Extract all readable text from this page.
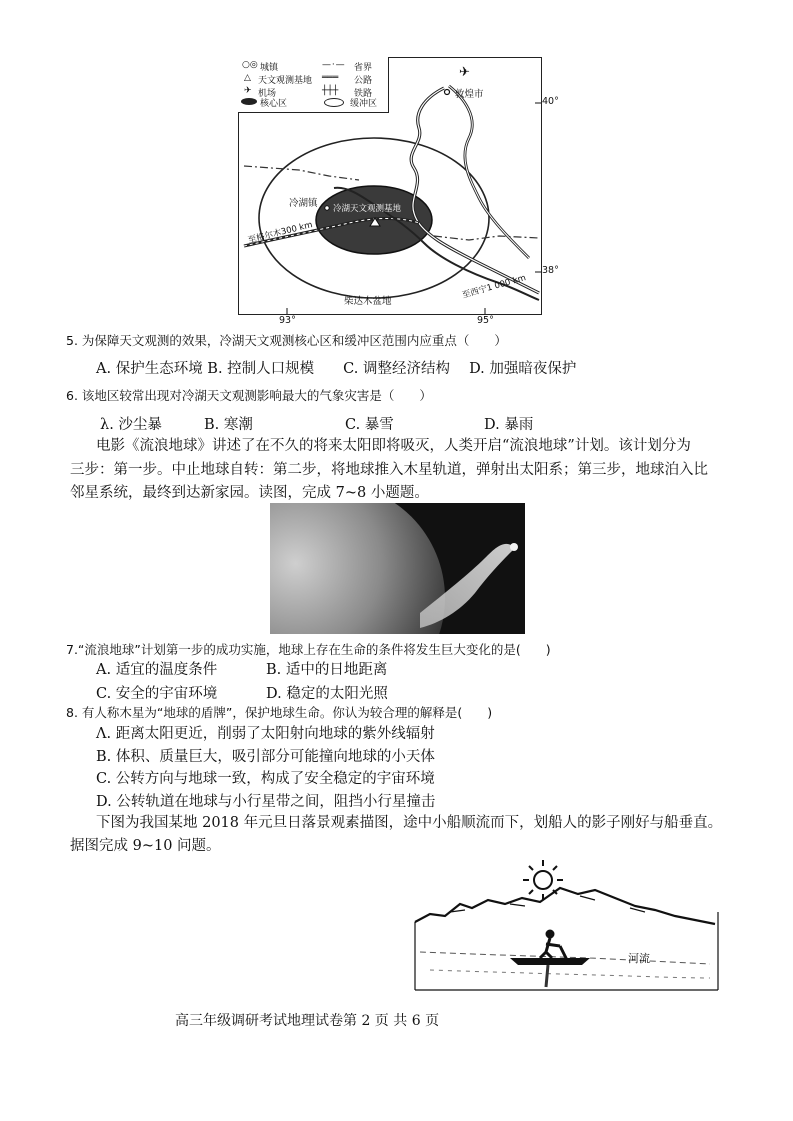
✈
敦煌市
冷湖镇 冷湖天文观测基地
至格尔木300 km
至西宁1 000 km
柴达木盆地
40°
38°
93°	95°
○◎ 城镇
△ 天文观测基地
✈ 机场
核心区
— · — 省界
═══ 公路
┼┼┼ 铁路
缓冲区
5. 为保障天文观测的效果，冷湖天文观测核心区和缓冲区范围内应重点（　　）
A. 保护生态环境 B. 控制人口规模　　C. 调整经济结构　 D. 加强暗夜保护
6. 该地区较常出现对冷湖天文观测影响最大的气象灾害是（　　）
λ. 沙尘暴	B. 寒潮	C. 暴雪	D. 暴雨
电影《流浪地球》讲述了在不久的将来太阳即将吸灭，人类开启“流浪地球”计划。该计划分为
三步：第一步。中止地球自转：第二步，将地球推入木星轨道，弹射出太阳系；第三步，地球泊入比
邻星系统，最终到达新家园。读图，完成 7~8 小题题。
7.“流浪地球”计划第一步的成功实施，地球上存在生命的条件将发生巨大变化的是(　　)
A. 适宜的温度条件	B. 适中的日地距离
C. 安全的宇宙环境	D. 稳定的太阳光照
8. 有人称木星为“地球的盾牌”，保护地球生命。你认为较合理的解释是(　　)
Λ. 距离太阳更近，削弱了太阳射向地球的紫外线辐射
B. 体积、质量巨大，吸引部分可能撞向地球的小天体
C. 公转方向与地球一致，构成了安全稳定的宇宙环境
D. 公转轨道在地球与小行星带之间，阻挡小行星撞击
下图为我国某地 2018 年元旦日落景观素描图，途中小船顺流而下，划船人的影子刚好与船垂直。
据图完成 9~10 问题。
河流
高三年级调研考试地理试卷第 2 页 共 6 页
